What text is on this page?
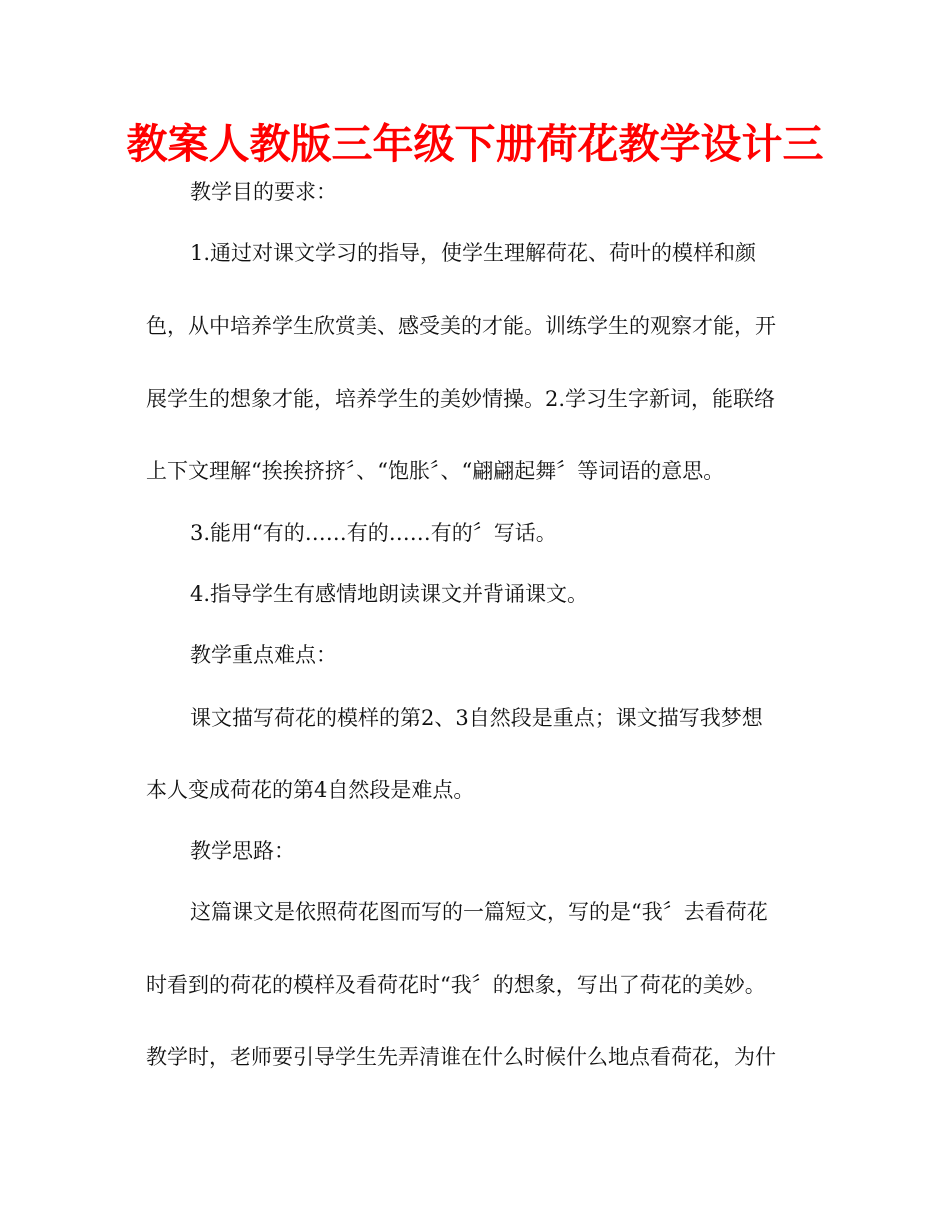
教案人教版三年级下册荷花教学设计三
教学目的要求：
1.通过对课文学习的指导，使学生理解荷花、荷叶的模样和颜
色，从中培养学生欣赏美、感受美的才能。训练学生的观察才能，开
展学生的想象才能，培养学生的美妙情操。2.学习生字新词，能联络
上下文理解“挨挨挤挤〞、“饱胀〞、“翩翩起舞〞等词语的意思。
3.能用“有的……有的……有的〞写话。
4.指导学生有感情地朗读课文并背诵课文。
教学重点难点：
课文描写荷花的模样的第2、3自然段是重点；课文描写我梦想
本人变成荷花的第4自然段是难点。
教学思路：
这篇课文是依照荷花图而写的一篇短文，写的是“我〞去看荷花
时看到的荷花的模样及看荷花时“我〞的想象，写出了荷花的美妙。
教学时，老师要引导学生先弄清谁在什么时候什么地点看荷花，为什
